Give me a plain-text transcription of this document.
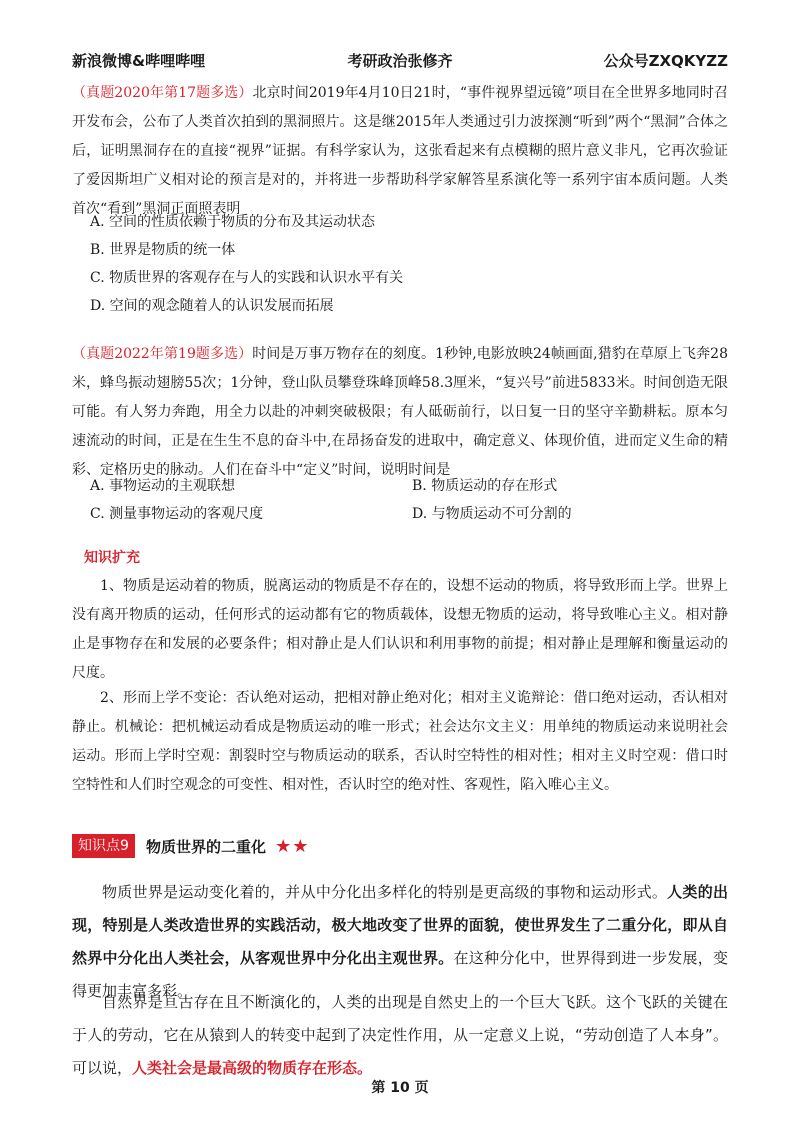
新浪微博&哔哩哔哩	考研政治张修齐	公众号ZXQKYZZ
（真题2020年第17题多选）北京时间2019年4月10日21时，“事件视界望远镜”项目在全世界多地同时召开发布会，公布了人类首次拍到的黑洞照片。这是继2015年人类通过引力波探测“听到”两个“黑洞”合体之后，证明黑洞存在的直接“视界”证据。有科学家认为，这张看起来有点模糊的照片意义非凡，它再次验证了爱因斯坦广义相对论的预言是对的，并将进一步帮助科学家解答星系演化等一系列宇宙本质问题。人类首次“看到”黑洞正面照表明
A. 空间的性质依赖于物质的分布及其运动状态
B. 世界是物质的统一体
C. 物质世界的客观存在与人的实践和认识水平有关
D. 空间的观念随着人的认识发展而拓展
（真题2022年第19题多选）时间是万事万物存在的刻度。1秒钟,电影放映24帧画面,猎豹在草原上飞奔28米，蜂鸟振动翅膀55次；1分钟，登山队员攀登珠峰顶峰58.3厘米，“复兴号”前进5833米。时间创造无限可能。有人努力奔跑，用全力以赴的冲刺突破极限；有人砥砺前行，以日复一日的坚守辛勤耕耘。原本匀速流动的时间，正是在生生不息的奋斗中,在昂扬奋发的进取中，确定意义、体现价值，进而定义生命的精彩、定格历史的脉动。人们在奋斗中“定义”时间，说明时间是
A. 事物运动的主观联想	B. 物质运动的存在形式
C. 测量事物运动的客观尺度	D. 与物质运动不可分割的
知识扩充
1、物质是运动着的物质，脱离运动的物质是不存在的，设想不运动的物质，将导致形而上学。世界上没有离开物质的运动，任何形式的运动都有它的物质载体，设想无物质的运动，将导致唯心主义。相对静止是事物存在和发展的必要条件；相对静止是人们认识和利用事物的前提；相对静止是理解和衡量运动的尺度。
2、形而上学不变论：否认绝对运动，把相对静止绝对化；相对主义诡辩论：借口绝对运动，否认相对静止。机械论：把机械运动看成是物质运动的唯一形式；社会达尔文主义：用单纯的物质运动来说明社会运动。形而上学时空观：割裂时空与物质运动的联系，否认时空特性的相对性；相对主义时空观：借口时空特性和人们时空观念的可变性、相对性，否认时空的绝对性、客观性，陷入唯心主义。
知识点9 物质世界的二重化 ★★
物质世界是运动变化着的，并从中分化出多样化的特别是更高级的事物和运动形式。人类的出现，特别是人类改造世界的实践活动，极大地改变了世界的面貌，使世界发生了二重分化，即从自然界中分化出人类社会，从客观世界中分化出主观世界。在这种分化中，世界得到进一步发展，变得更加丰富多彩。
自然界是亘古存在且不断演化的，人类的出现是自然史上的一个巨大飞跃。这个飞跃的关键在于人的劳动，它在从猿到人的转变中起到了决定性作用，从一定意义上说，“劳动创造了人本身”。可以说，人类社会是最高级的物质存在形态。
第 10 页
